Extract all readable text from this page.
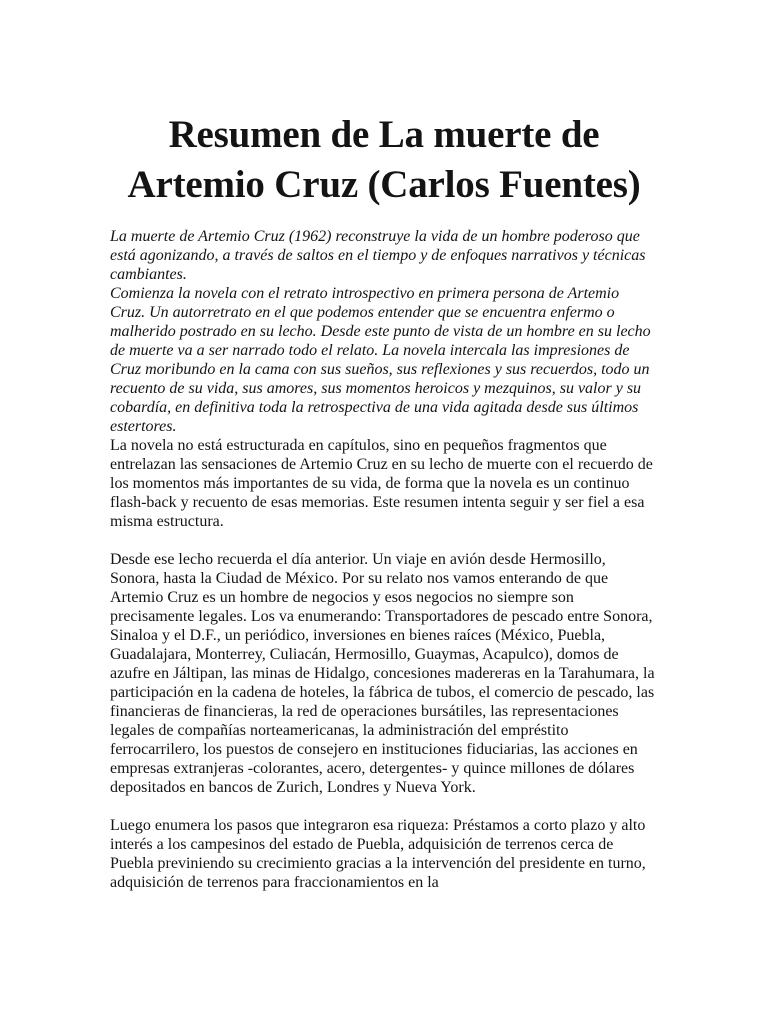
Resumen de La muerte de
Artemio Cruz (Carlos Fuentes)

La muerte de Artemio Cruz (1962) reconstruye la vida de un hombre poderoso que está agonizando, a través de saltos en el tiempo y de enfoques narrativos y técnicas cambiantes.

Comienza la novela con el retrato introspectivo en primera persona de Artemio Cruz. Un autorretrato en el que podemos entender que se encuentra enfermo o malherido postrado en su lecho. Desde este punto de vista de un hombre en su lecho de muerte va a ser narrado todo el relato. La novela intercala las impresiones de Cruz moribundo en la cama con sus sueños, sus reflexiones y sus recuerdos, todo un recuento de su vida, sus amores, sus momentos heroicos y mezquinos, su valor y su cobardía, en definitiva toda la retrospectiva de una vida agitada desde sus últimos estertores.

La novela no está estructurada en capítulos, sino en pequeños fragmentos que entrelazan las sensaciones de Artemio Cruz en su lecho de muerte con el recuerdo de los momentos más importantes de su vida, de forma que la novela es un continuo flash-back y recuento de esas memorias. Este resumen intenta seguir y ser fiel a esa misma estructura.

Desde ese lecho recuerda el día anterior. Un viaje en avión desde Hermosillo, Sonora, hasta la Ciudad de México. Por su relato nos vamos enterando de que Artemio Cruz es un hombre de negocios y esos negocios no siempre son precisamente legales. Los va enumerando: Transportadores de pescado entre Sonora, Sinaloa y el D.F., un periódico, inversiones en bienes raíces (México, Puebla, Guadalajara, Monterrey, Culiacán, Hermosillo, Guaymas, Acapulco), domos de azufre en Jáltipan, las minas de Hidalgo, concesiones madereras en la Tarahumara, la participación en la cadena de hoteles, la fábrica de tubos, el comercio de pescado, las financieras de financieras, la red de operaciones bursátiles, las representaciones legales de compañías norteamericanas, la administración del empréstito ferrocarrilero, los puestos de consejero en instituciones fiduciarias, las acciones en empresas extranjeras -colorantes, acero, detergentes- y quince millones de dólares depositados en bancos de Zurich, Londres y Nueva York.

Luego enumera los pasos que integraron esa riqueza: Préstamos a corto plazo y alto interés a los campesinos del estado de Puebla, adquisición de terrenos cerca de Puebla previniendo su crecimiento gracias a la intervención del presidente en turno, adquisición de terrenos para fraccionamientos en la
